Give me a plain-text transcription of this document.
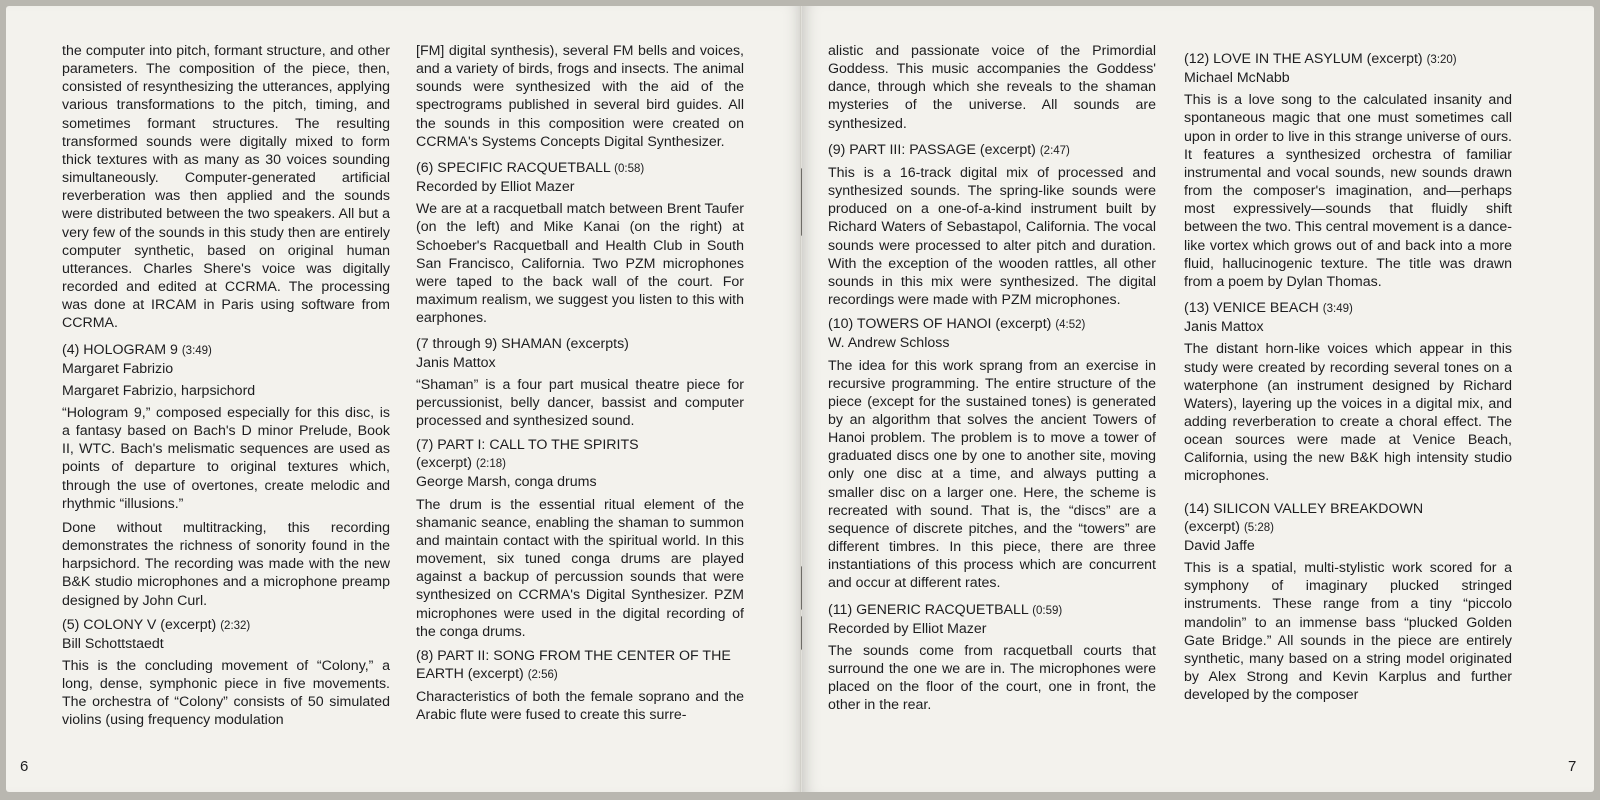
the computer into pitch, formant structure, and other parameters. The composition of the piece, then, consisted of resynthesizing the utterances, applying various transformations to the pitch, timing, and sometimes formant structures. The resulting transformed sounds were digitally mixed to form thick textures with as many as 30 voices sounding simultaneously. Computer-generated artificial reverberation was then applied and the sounds were distributed between the two speakers. All but a very few of the sounds in this study then are entirely computer synthetic, based on original human utterances. Charles Shere's voice was digitally recorded and edited at CCRMA. The processing was done at IRCAM in Paris using software from CCRMA.

(4) HOLOGRAM 9 (3:49)

Margaret Fabrizio

Margaret Fabrizio, harpsichord

“Hologram 9,” composed especially for this disc, is a fantasy based on Bach's D minor Prelude, Book II, WTC. Bach's melismatic sequences are used as points of departure to original textures which, through the use of overtones, create melodic and rhythmic “illusions.”

Done without multitracking, this recording demonstrates the richness of sonority found in the harpsichord. The recording was made with the new B&K studio microphones and a microphone preamp designed by John Curl.

(5) COLONY V (excerpt) (2:32)

Bill Schottstaedt

This is the concluding movement of “Colony,” a long, dense, symphonic piece in five movements. The orchestra of “Colony” consists of 50 simulated violins (using frequency modulation

[FM] digital synthesis), several FM bells and voices, and a variety of birds, frogs and insects. The animal sounds were synthesized with the aid of the spectrograms published in several bird guides. All the sounds in this composition were created on CCRMA's Systems Concepts Digital Synthesizer.

(6) SPECIFIC RACQUETBALL (0:58)

Recorded by Elliot Mazer

We are at a racquetball match between Brent Taufer (on the left) and Mike Kanai (on the right) at Schoeber's Racquetball and Health Club in South San Francisco, California. Two PZM microphones were taped to the back wall of the court. For maximum realism, we suggest you listen to this with earphones.

(7 through 9) SHAMAN (excerpts)

Janis Mattox

“Shaman” is a four part musical theatre piece for percussionist, belly dancer, bassist and computer processed and synthesized sound.

(7) PART I: CALL TO THE SPIRITS

(excerpt) (2:18)

George Marsh, conga drums

The drum is the essential ritual element of the shamanic seance, enabling the shaman to summon and maintain contact with the spiritual world. In this movement, six tuned conga drums are played against a backup of percussion sounds that were synthesized on CCRMA's Digital Synthesizer. PZM microphones were used in the digital recording of the conga drums.

(8) PART II: SONG FROM THE CENTER OF THE EARTH (excerpt) (2:56)

Characteristics of both the female soprano and the Arabic flute were fused to create this surre-

6

alistic and passionate voice of the Primordial Goddess. This music accompanies the Goddess' dance, through which she reveals to the shaman mysteries of the universe. All sounds are synthesized.

(9) PART III: PASSAGE (excerpt) (2:47)

This is a 16-track digital mix of processed and synthesized sounds. The spring-like sounds were produced on a one-of-a-kind instrument built by Richard Waters of Sebastapol, California. The vocal sounds were processed to alter pitch and duration. With the exception of the wooden rattles, all other sounds in this mix were synthesized. The digital recordings were made with PZM microphones.

(10) TOWERS OF HANOI (excerpt) (4:52)

W. Andrew Schloss

The idea for this work sprang from an exercise in recursive programming. The entire structure of the piece (except for the sustained tones) is generated by an algorithm that solves the ancient Towers of Hanoi problem. The problem is to move a tower of graduated discs one by one to another site, moving only one disc at a time, and always putting a smaller disc on a larger one. Here, the scheme is recreated with sound. That is, the “discs” are a sequence of discrete pitches, and the “towers” are different timbres. In this piece, there are three instantiations of this process which are concurrent and occur at different rates.

(11) GENERIC RACQUETBALL (0:59)

Recorded by Elliot Mazer

The sounds come from racquetball courts that surround the one we are in. The microphones were placed on the floor of the court, one in front, the other in the rear.

(12) LOVE IN THE ASYLUM (excerpt) (3:20)

Michael McNabb

This is a love song to the calculated insanity and spontaneous magic that one must sometimes call upon in order to live in this strange universe of ours. It features a synthesized orchestra of familiar instrumental and vocal sounds, new sounds drawn from the composer's imagination, and—perhaps most expressively—sounds that fluidly shift between the two. This central movement is a dance-like vortex which grows out of and back into a more fluid, hallucinogenic texture. The title was drawn from a poem by Dylan Thomas.

(13) VENICE BEACH (3:49)

Janis Mattox

The distant horn-like voices which appear in this study were created by recording several tones on a waterphone (an instrument designed by Richard Waters), layering up the voices in a digital mix, and adding reverberation to create a choral effect. The ocean sources were made at Venice Beach, California, using the new B&K high intensity studio microphones.

(14) SILICON VALLEY BREAKDOWN

(excerpt) (5:28)

David Jaffe

This is a spatial, multi-stylistic work scored for a symphony of imaginary plucked stringed instruments. These range from a tiny “piccolo mandolin” to an immense bass “plucked Golden Gate Bridge.” All sounds in the piece are entirely synthetic, many based on a string model originated by Alex Strong and Kevin Karplus and further developed by the composer

7
